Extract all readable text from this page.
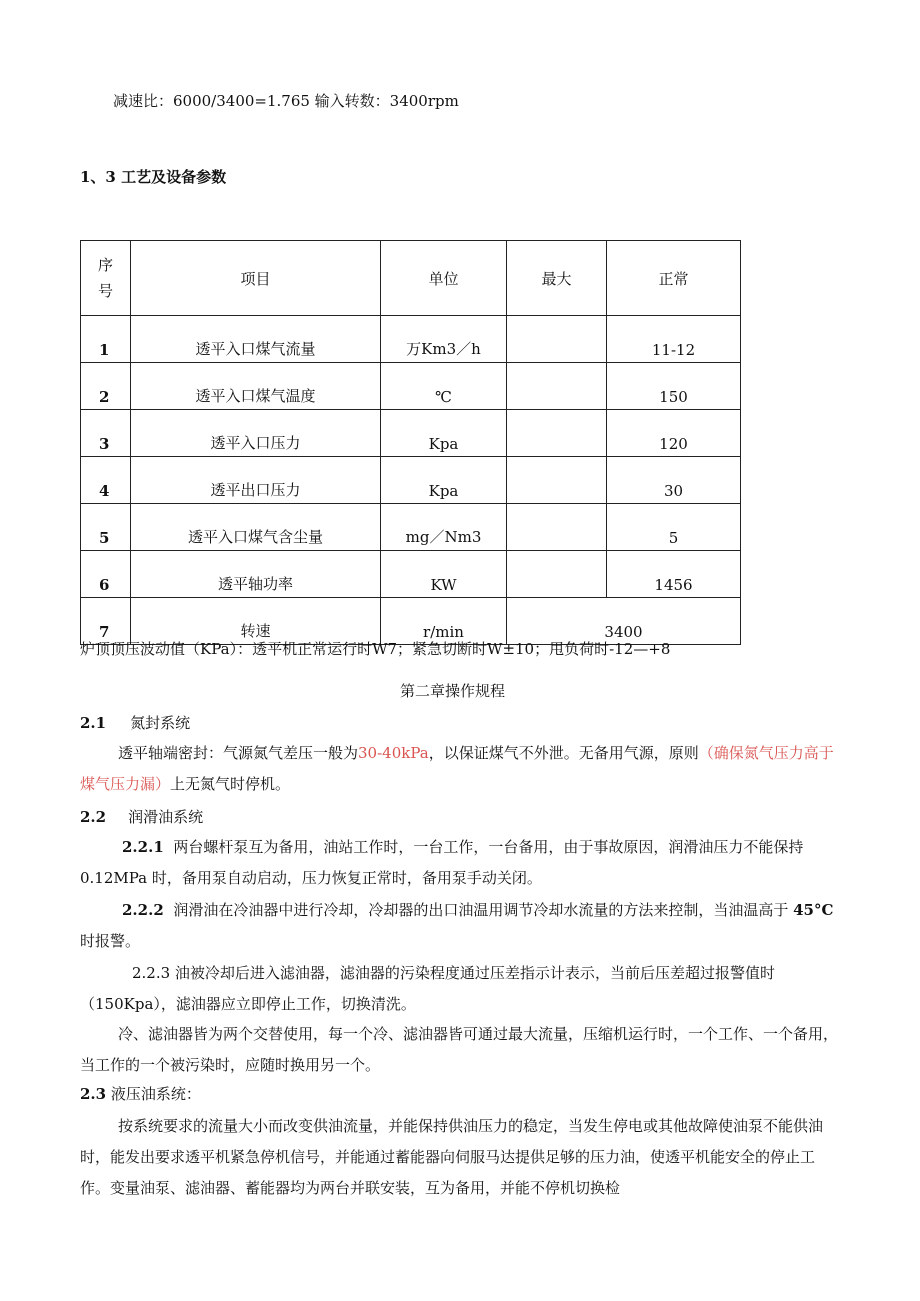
减速比：6000/3400=1.765 输入转数：3400rpm
1、3 工艺及设备参数
序号	项目	单位	最大	正常
1	透平入口煤气流量	万Km3／h		11-12
2	透平入口煤气温度	℃		150
3	透平入口压力	Kpa		120
4	透平出口压力	Kpa		30
5	透平入口煤气含尘量	mg／Nm3		5
6	透平轴功率	KW		1456
7	转速	r/min	3400	
炉顶顶压波动值（KPa）：透平机正常运行时W7；紧急切断时W±10；甩负荷时-12—+8
第二章操作规程
2.1 氮封系统
透平轴端密封：气源氮气差压一般为30-40kPa，以保证煤气不外泄。无备用气源，原则（确保氮气压力高于煤气压力漏）上无氮气时停机。
2.2 润滑油系统
2.2.1 两台螺杆泵互为备用，油站工作时，一台工作，一台备用，由于事故原因，润滑油压力不能保持 0.12MPa 时，备用泵自动启动，压力恢复正常时，备用泵手动关闭。
2.2.2 润滑油在冷油器中进行冷却，冷却器的出口油温用调节冷却水流量的方法来控制，当油温高于 45°C时报警。
2.2.3 油被冷却后进入滤油器，滤油器的污染程度通过压差指示计表示，当前后压差超过报警值时（150Kpa），滤油器应立即停止工作，切换清洗。
冷、滤油器皆为两个交替使用，每一个冷、滤油器皆可通过最大流量，压缩机运行时，一个工作、一个备用，当工作的一个被污染时，应随时换用另一个。
2.3 液压油系统：
按系统要求的流量大小而改变供油流量，并能保持供油压力的稳定，当发生停电或其他故障使油泵不能供油时，能发出要求透平机紧急停机信号，并能通过蓄能器向伺服马达提供足够的压力油，使透平机能安全的停止工作。变量油泵、滤油器、蓄能器均为两台并联安装，互为备用，并能不停机切换检
